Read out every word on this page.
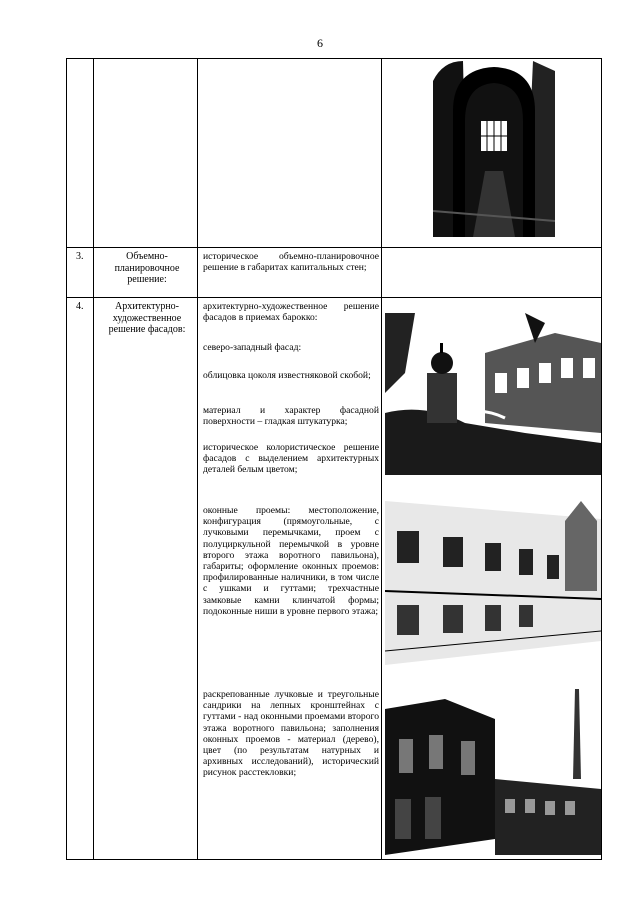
6
3.	Объемно-планировочное решение:

историческое объемно-планировочное решение в габаритах капитальных стен;

4.	Архитектурно-художественное решение фасадов:

архитектурно-художественное решение фасадов в приемах барокко:

северо-западный фасад:

облицовка цоколя известняковой скобой;

материал и характер фасадной поверхности – гладкая штукатурка;

историческое колористическое решение фасадов с выделением архитектурных деталей белым цветом;

оконные проемы: местоположение, конфигурация (прямоугольные, с лучковыми перемычками, проем с полуциркульной перемычкой в уровне второго этажа воротного павильона), габариты; оформление оконных проемов: профилированные наличники, в том числе с ушками и гуттами; трехчастные замковые камни клинчатой формы; подоконные ниши в уровне первого этажа;

раскрепованные лучковые и треугольные сандрики на лепных кронштейнах с гуттами - над оконными проемами второго этажа воротного павильона; заполнения оконных проемов - материал (дерево), цвет (по результатам натурных и архивных исследований), исторический рисунок расстекловки;
